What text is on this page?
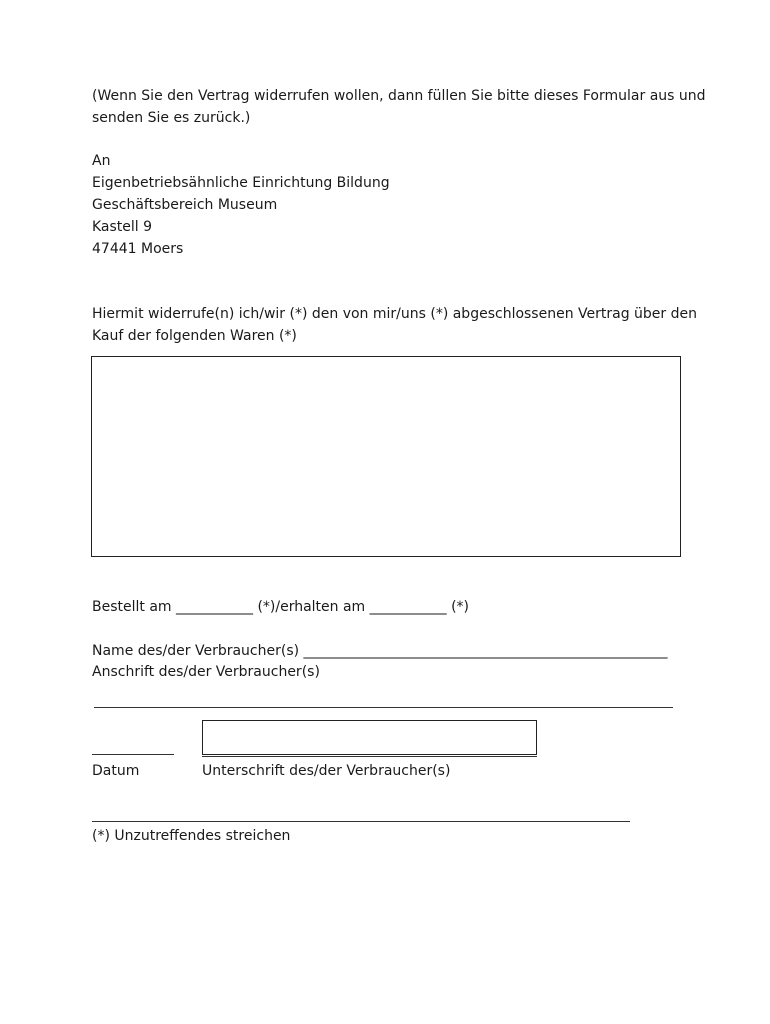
(Wenn Sie den Vertrag widerrufen wollen, dann füllen Sie bitte dieses Formular aus und
senden Sie es zurück.)
An
Eigenbetriebsähnliche Einrichtung Bildung
Geschäftsbereich Museum
Kastell 9
47441 Moers
Hiermit widerrufe(n) ich/wir (*) den von mir/uns (*) abgeschlossenen Vertrag über den
Kauf der folgenden Waren (*)
Bestellt am ___________ (*)/erhalten am ___________ (*)
Name des/der Verbraucher(s) ____________________________________________________
Anschrift des/der Verbraucher(s)
Datum	Unterschrift des/der Verbraucher(s)
(*) Unzutreffendes streichen
